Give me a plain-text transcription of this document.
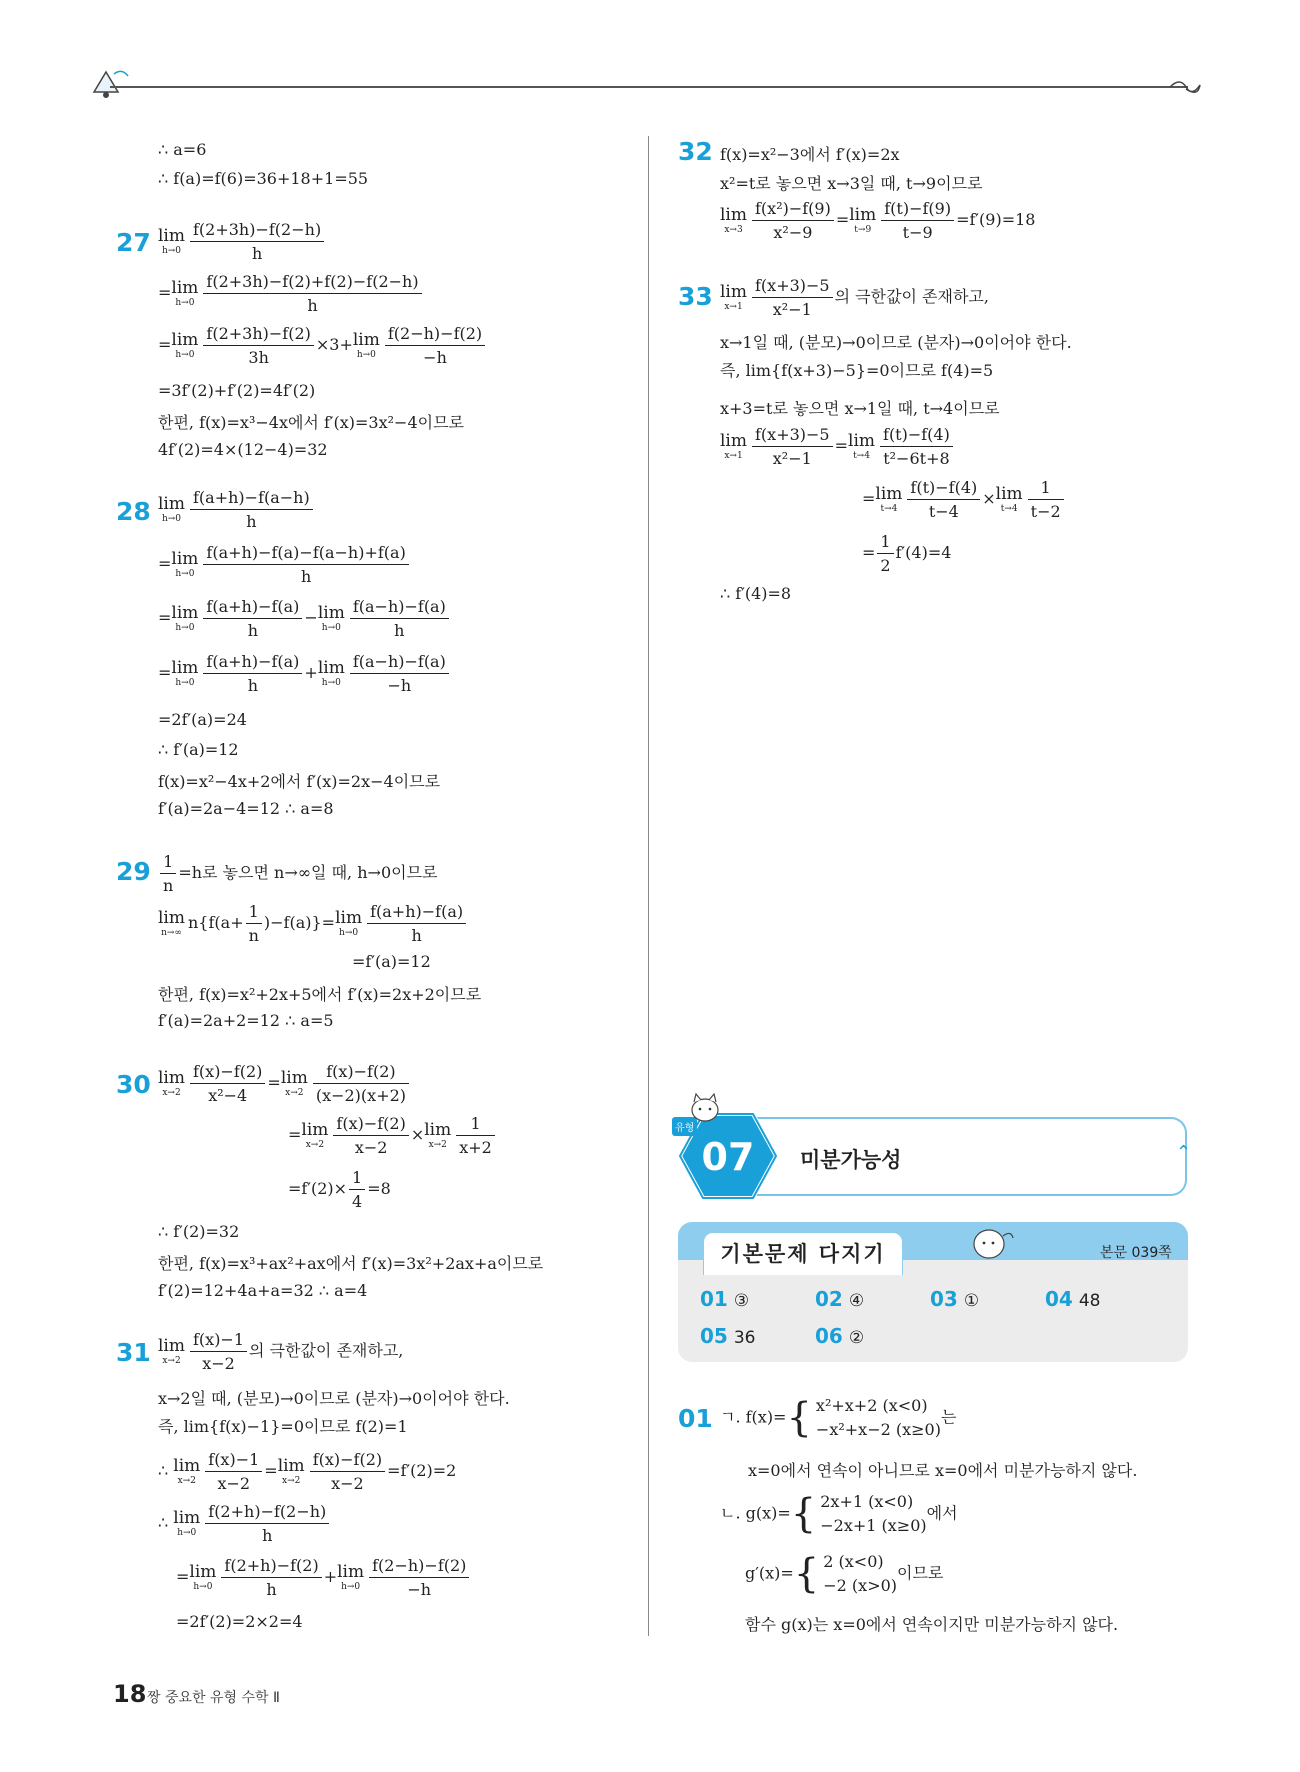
∴ a=6
∴ f(a)=f(6)=36+18+1=55
27 lim
$h\to 0 \frac{f(2+3h)-f(2-h)}{h}$
= lim
$h\to 0 \frac{f(2+3h)-f(2)+f(2)-f(2-h)}{h}$
= lim
$h\to 0 \frac{f(2+3h)-f(2)}{3h} \times 3+ \lim$
$h\to 0 \frac{f(2-h)-f(2)}{-h}$
=3f′(2)+f′(2)=4f′(2)
한편, f(x)=x³−4x에서 f′(x)=3x²−4이므로
4f′(2)=4×(12−4)=32
28 lim
$h\to 0 \frac{f(a+h)-f(a-h)}{h}$
= lim
$h\to 0 \frac{f(a+h)-f(a)-f(a-h)+f(a)}{h}$
= lim
$h\to 0 \frac{f(a+h)-f(a)}{h} - \lim$
$h\to 0 \frac{f(a-h)-f(a)}{h}$
= lim
$h\to 0 \frac{f(a+h)-f(a)}{h} + \lim$
$h\to 0 \frac{f(a-h)-f(a)}{-h}$
=2f′(a)=24
∴ f′(a)=12
f(x)=x²−4x+2에서 f′(x)=2x−4이므로
f′(a)=2a−4=12 ∴ a=8
$29 \frac{1}{n} =h$로 놓으면 n→∞일 때, h→0이므로
lim
n→∞
$n\{f(a+ \frac{1}{n} )-f(a)\}= \lim$
$h\to 0 \frac{f(a+h)-f(a)}{h}$
=f′(a)=12
한편, f(x)=x²+2x+5에서 f′(x)=2x+2이므로
f′(a)=2a+2=12 ∴ a=5
30 lim
$x\to 2 \frac{f(x)-f(2)}{\text{x²−4}} = \lim$
$x\to 2 \frac{f(x)-f(2)}{(x-2)(x+2)}$
= lim
$x\to 2 \frac{f(x)-f(2)}{x-2} \times \lim$
$x\to 2 \frac{1}{x+2}$
$=f'(2)\times \frac{1}{4} =8$
∴ f′(2)=32
한편, f(x)=x³+ax²+ax에서 f′(x)=3x²+2ax+a이므로
f′(2)=12+4a+a=32 ∴ a=4
31 lim
$x\to 2 \frac{f(x)-1}{x-2}$ 의 극한값이 존재하고,
x→2일 때, (분모)→0이므로 (분자)→0이어야 한다.
즉, lim{f(x)−1}=0이므로 f(2)=1
∴ lim
$x\to 2 \frac{f(x)-1}{x-2} = \lim$
$x\to 2 \frac{f(x)-f(2)}{x-2} =f'(2)=2$
∴ lim
$h\to 0 \frac{f(2+h)-f(2-h)}{h}$
= lim
$h\to 0 \frac{f(2+h)-f(2)}{h} + \lim$
$h\to 0 \frac{f(2-h)-f(2)}{-h}$
=2f′(2)=2×2=4
32 f(x)=x²−3에서 f′(x)=2x
x²=t로 놓으면 x→3일 때, t→9이므로
lim
$x\to 3 \frac{\text{f(x²)−f(9)}}{\text{x²−9}} = \lim$
$t\to 9 \frac{f(t)-f(9)}{t-9} =f'(9)=18$
33 lim
$x\to 1 \frac{f(x+3)-5}{\text{x²−1}}$ 의 극한값이 존재하고,
x→1일 때, (분모)→0이므로 (분자)→0이어야 한다.
즉, lim{f(x+3)−5}=0이므로 f(4)=5
x+3=t로 놓으면 x→1일 때, t→4이므로
lim
$x\to 1 \frac{f(x+3)-5}{\text{x²−1}} = \lim$
$t\to 4 \frac{f(t)-f(4)}{\text{t²−6t+8}}$
= lim
$t\to 4 \frac{f(t)-f(4)}{t-4} \times \lim$
$t\to 4 \frac{1}{t-2}$
= $\frac{1}{2} f'(4)=4$
∴ f′(4)=8
07
유형
미분가능성	⌃
기본문제 다지기	본문 039쪽
01 ③	02 ④	03 ①	04 48
05 36	06 ②
01 ㄱ. f(x)={ x²+x+2 (x<0)
−x²+x−2 (x≥0)
는
x=0에서 연속이 아니므로 x=0에서 미분가능하지 않다.
ㄴ. g(x)={ 2x+1 (x<0)
−2x+1 (x≥0)
에서
g′(x)={ 2 (x<0)
−2 (x>0)
이므로
함수 g(x)는 x=0에서 연속이지만 미분가능하지 않다.
18 짱 중요한 유형 수학 Ⅱ
